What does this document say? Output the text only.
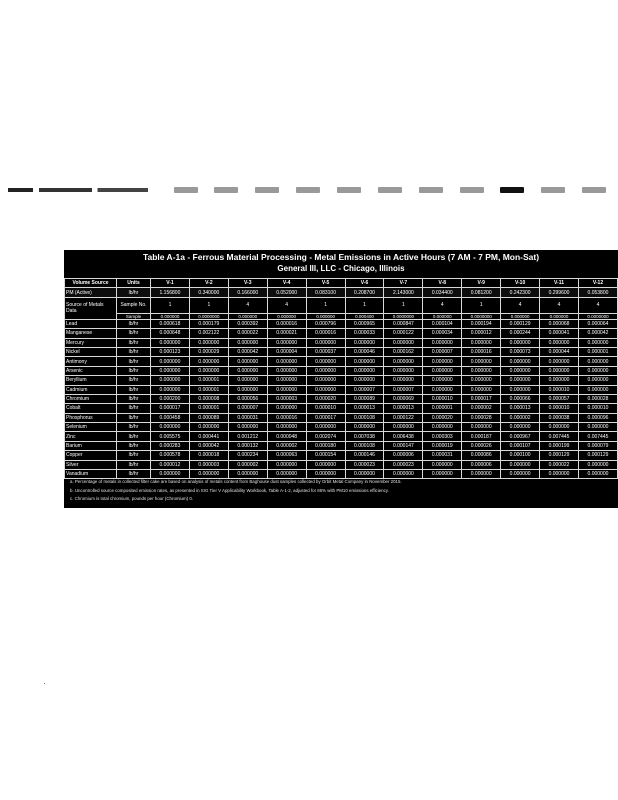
Table A-1a - Ferrous Material Processing - Metal Emissions in Active Hours (7 AM - 7 PM, Mon-Sat)
General III, LLC - Chicago, Illinois
Volume Source	Units	V-1	V-2	V-3	V-4	V-5	V-6	V-7	V-8	V-9	V-10	V-11	V-12
PM (Active)	lb/hr	1.156800	0.340000	0.166000	0.052000	0.083100	0.208700	2.143000	0.034400	0.081200	0.242300	0.299600	0.053800
Source of Metals Data	Sample No.	1	1	4	4	1	1	1	4	1	4	4	4
	Sample	0.000000	0.0000000	0.000000	0.000000	0.000000	0.000400	0.0000000	0.000000	0.0000000	0.000000	0.000000	0.0000000
Lead	lb/hr	0.000618	0.000179	0.000392	0.000016	0.000796	0.000965	0.000847	0.000104	0.000194	0.000129	0.000068	0.000064
Manganese	lb/hr	0.000648	0.002122	0.000022	0.000021	0.000016	0.000033	0.000122	0.000034	0.000012	0.000244	0.000041	0.000042
Mercury	lb/hr	0.000000	0.000000	0.000000	0.000000	0.000000	0.000000	0.000000	0.000000	0.000000	0.000000	0.000000	0.000000
Nickel	lb/hr	0.000123	0.000029	0.000042	0.000004	0.000037	0.000046	0.000162	0.000007	0.000016	0.000073	0.000044	0.000001
Antimony	lb/hr	0.000000	0.000000	0.000000	0.000000	0.000000	0.000000	0.000000	0.000000	0.000000	0.000000	0.000000	0.000000
Arsenic	lb/hr	0.000000	0.000000	0.000000	0.000000	0.000000	0.000000	0.000000	0.000000	0.000000	0.000000	0.000000	0.000000
Beryllium	lb/hr	0.000000	0.000001	0.000000	0.000000	0.000000	0.000000	0.000000	0.000000	0.000000	0.000000	0.000000	0.000000
Cadmium	lb/hr	0.000000	0.000001	0.000000	0.000000	0.000000	0.000007	0.000007	0.000000	0.000000	0.000000	0.000010	0.000000
Chromium	lb/hr	0.000200	0.000008	0.000056	0.000003	0.000020	0.000089	0.000069	0.000010	0.000017	0.000066	0.000057	0.000028
Cobalt	lb/hr	0.000017	0.000001	0.000007	0.000000	0.000010	0.000013	0.000013	0.000001	0.000002	0.000013	0.000010	0.000010
Phosphorus	lb/hr	0.000458	0.000089	0.000031	0.000016	0.000017	0.000108	0.000122	0.000020	0.000028	0.000002	0.000038	0.000096
Selenium	lb/hr	0.000000	0.000000	0.000000	0.000000	0.000000	0.000000	0.000000	0.000000	0.000000	0.000000	0.000000	0.000000
Zinc	lb/hr	0.005575	0.000441	0.001212	0.000048	0.002074	0.007038	0.006438	0.000303	0.000187	0.000967	0.007445	0.007445
Barium	lb/hr	0.000283	0.000042	0.000132	0.000002	0.000180	0.000108	0.000147	0.000019	0.000026	0.000107	0.000199	0.000079
Copper	lb/hr	0.000578	0.000018	0.000234	0.000063	0.000154	0.000146	0.000006	0.000031	0.000086	0.000100	0.000129	0.000129
Silver	lb/hr	0.000012	0.000003	0.000002	0.000000	0.000000	0.000023	0.000023	0.000000	0.000006	0.000000	0.000022	0.000000
Vanadium	lb/hr	0.000000	0.000000	0.000000	0.000000	0.000000	0.000000	0.000000	0.000000	0.000000	0.000000	0.000000	0.000000
a. Percentage of metals in collected filter cake are based on analysis of metals content from Baghouse dust samples collected by Orbit Metal Company in November 2015.
b. Uncontrolled source composited emission rates, as presented in SIG Tier V Applicability Workbook, Table A-1-2, adjusted for 85% with PM10 emissions efficiency.
c. Chromium is total chromium, pounds per hour (Chromium) 0.
